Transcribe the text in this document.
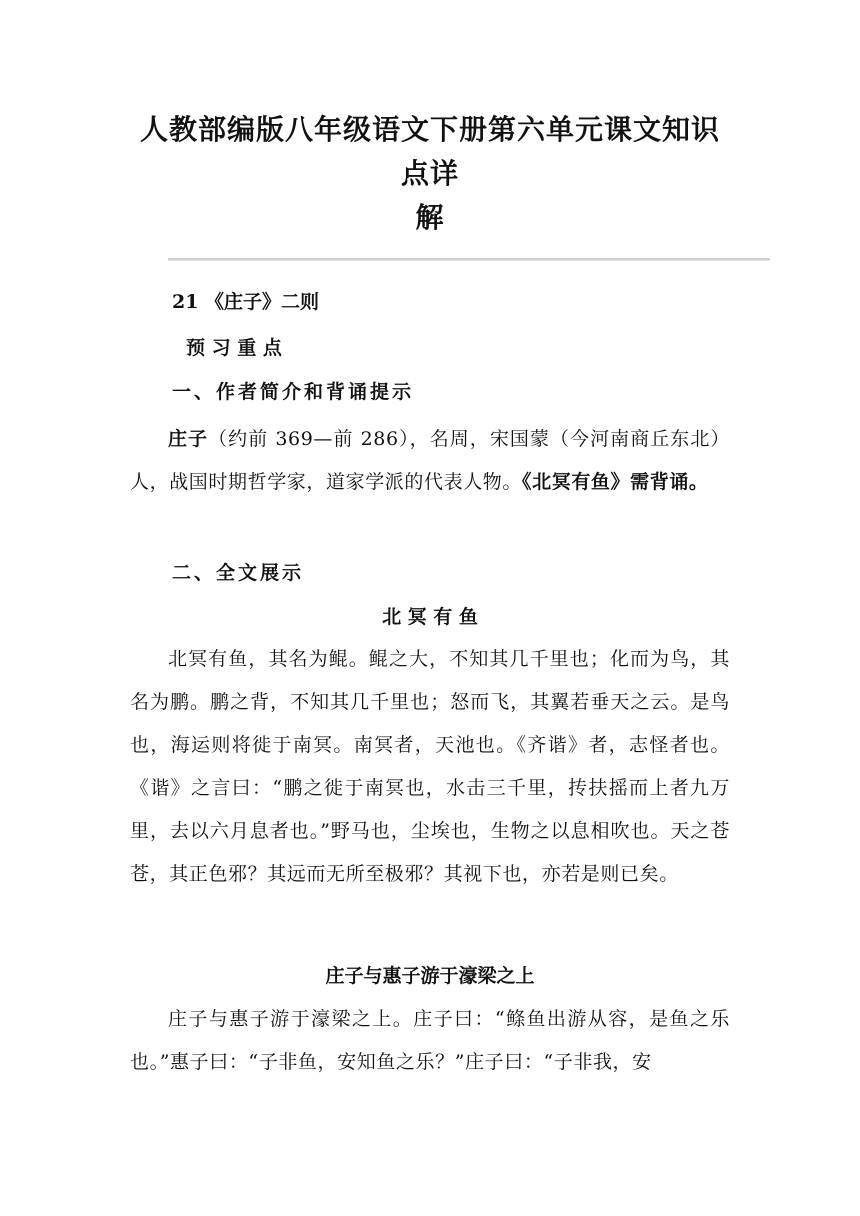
人教部编版八年级语文下册第六单元课文知识点详
解
21 《庄子》二则
预 习 重 点
一、作者简介和背诵提示

庄子（约前 369—前 286），名周，宋国蒙（今河南商丘东北）人，战国时期哲学家，道家学派的代表人物。《北冥有鱼》需背诵。

二、全文展示
北 冥 有 鱼

北冥有鱼，其名为鲲。鲲之大，不知其几千里也；化而为鸟，其名为鹏。鹏之背，不知其几千里也；怒而飞，其翼若垂天之云。是鸟也，海运则将徙于南冥。南冥者，天池也。《齐谐》者，志怪者也。《谐》之言曰：“鹏之徙于南冥也，水击三千里，抟扶摇而上者九万里，去以六月息者也。”野马也，尘埃也，生物之以息相吹也。天之苍苍，其正色邪？其远而无所至极邪？其视下也，亦若是则已矣。

庄子与惠子游于濠梁之上

庄子与惠子游于濠梁之上。庄子曰：“鲦鱼出游从容，是鱼之乐也。”惠子曰：“子非鱼，安知鱼之乐？”庄子曰：“子非我，安
